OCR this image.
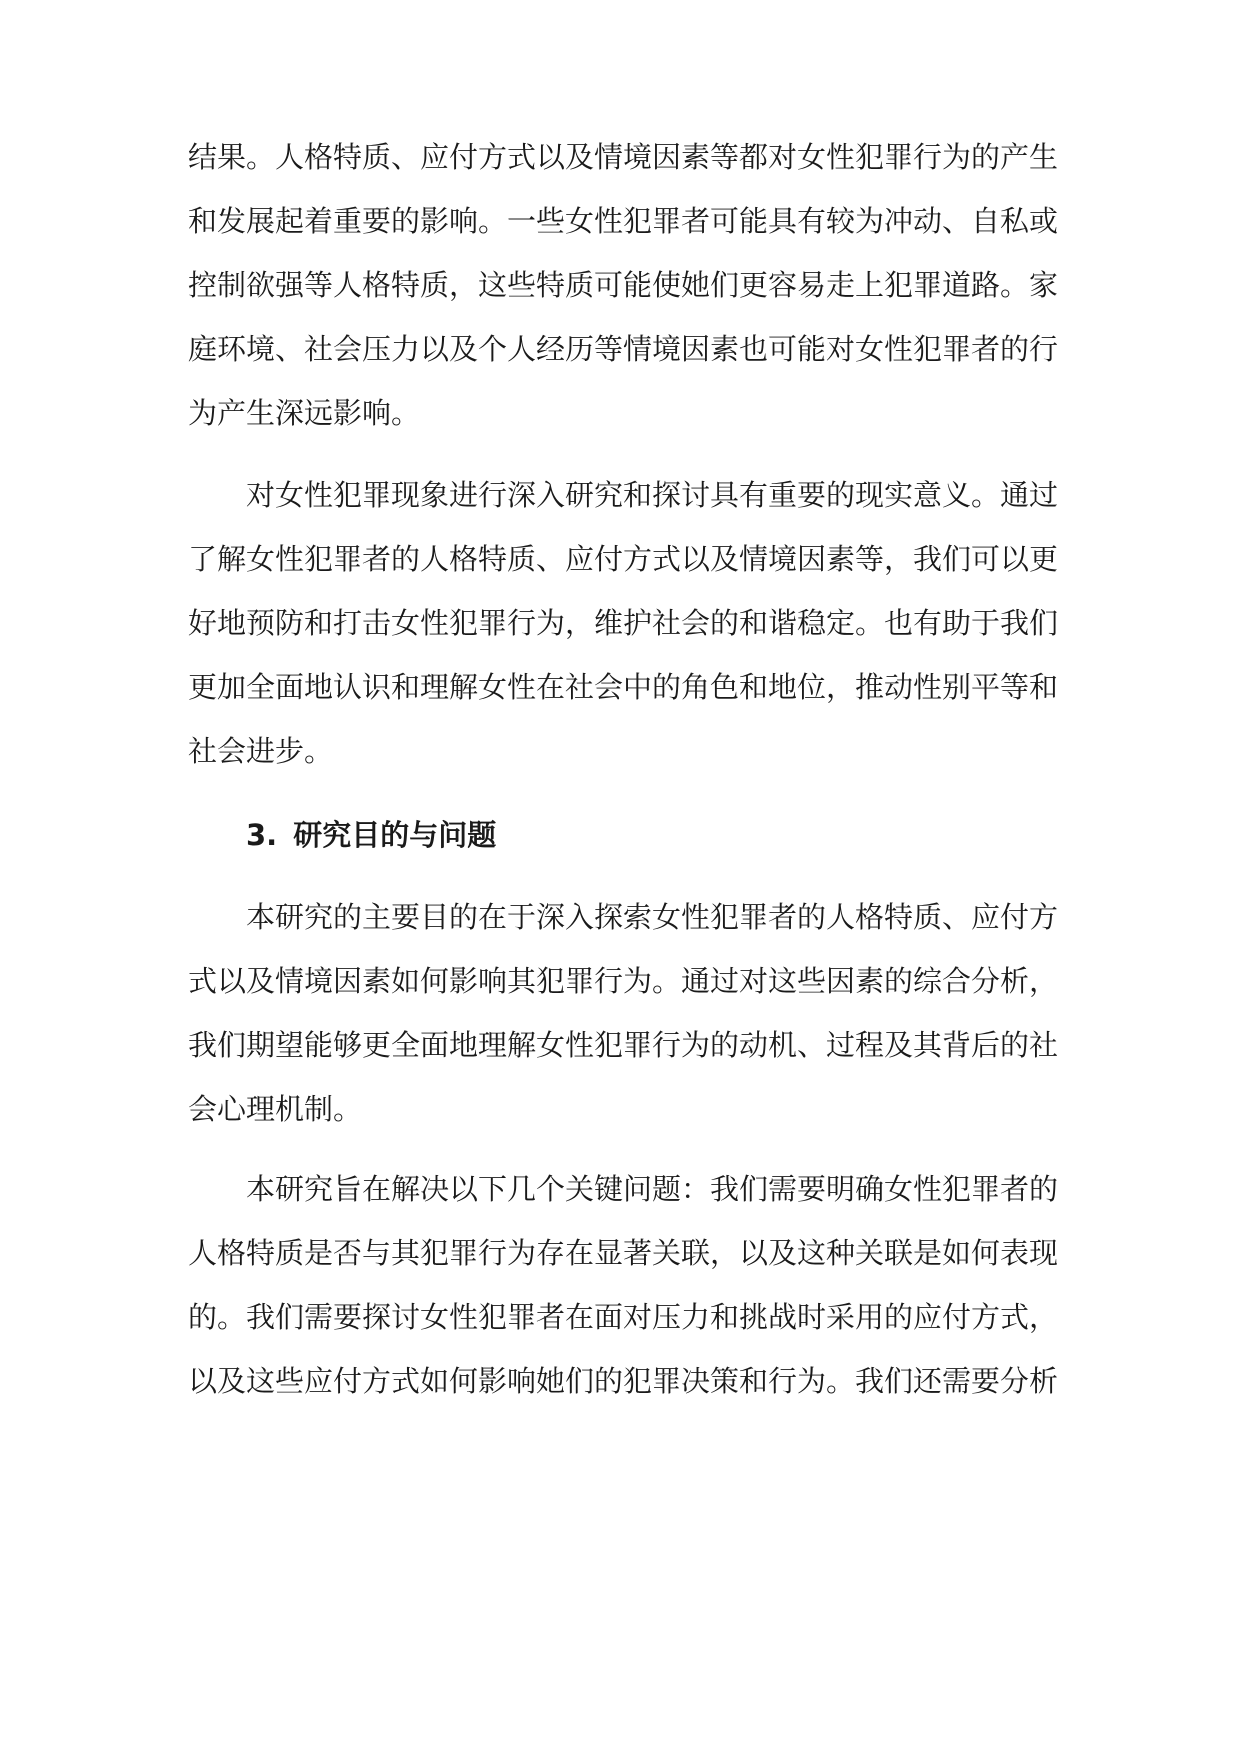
结果。人格特质、应付方式以及情境因素等都对女性犯罪行为的产生
和发展起着重要的影响。一些女性犯罪者可能具有较为冲动、自私或
控制欲强等人格特质，这些特质可能使她们更容易走上犯罪道路。家
庭环境、社会压力以及个人经历等情境因素也可能对女性犯罪者的行
为产生深远影响。
对女性犯罪现象进行深入研究和探讨具有重要的现实意义。通过
了解女性犯罪者的人格特质、应付方式以及情境因素等，我们可以更
好地预防和打击女性犯罪行为，维护社会的和谐稳定。也有助于我们
更加全面地认识和理解女性在社会中的角色和地位，推动性别平等和
社会进步。
3. 研究目的与问题
本研究的主要目的在于深入探索女性犯罪者的人格特质、应付方
式以及情境因素如何影响其犯罪行为。通过对这些因素的综合分析，
我们期望能够更全面地理解女性犯罪行为的动机、过程及其背后的社
会心理机制。
本研究旨在解决以下几个关键问题：我们需要明确女性犯罪者的
人格特质是否与其犯罪行为存在显著关联，以及这种关联是如何表现
的。我们需要探讨女性犯罪者在面对压力和挑战时采用的应付方式，
以及这些应付方式如何影响她们的犯罪决策和行为。我们还需要分析
